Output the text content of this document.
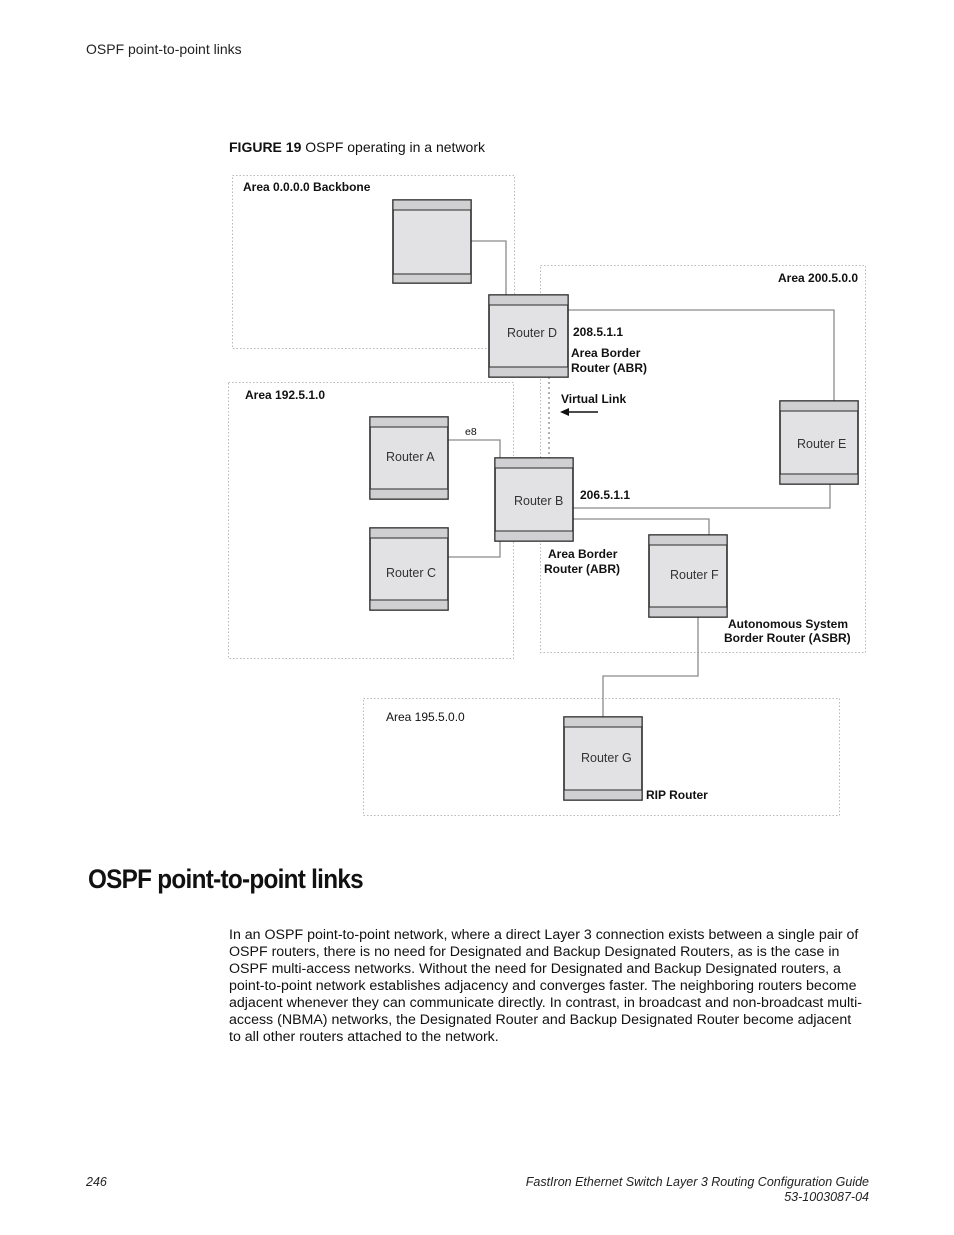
OSPF point-to-point links
FIGURE 19 OSPF operating in a network
Router D
Router A
Router C
Router B
Router E
Router F
Router G
Area 0.0.0.0 Backbone
Area 200.5.0.0
Area 192.5.1.0
Area 195.5.0.0
208.5.1.1
Area Border
Router (ABR)
Virtual Link
e8
206.5.1.1
Area Border
Router (ABR)
Autonomous System
Border Router (ASBR)
RIP Router
OSPF point-to-point links
In an OSPF point-to-point network, where a direct Layer 3 connection exists between a single pair of OSPF routers, there is no need for Designated and Backup Designated Routers, as is the case in OSPF multi-access networks. Without the need for Designated and Backup Designated routers, a point-to-point network establishes adjacency and converges faster. The neighboring routers become adjacent whenever they can communicate directly. In contrast, in broadcast and non-broadcast multi-access (NBMA) networks, the Designated Router and Backup Designated Router become adjacent to all other routers attached to the network.
246	FastIron Ethernet Switch Layer 3 Routing Configuration Guide
53-1003087-04
